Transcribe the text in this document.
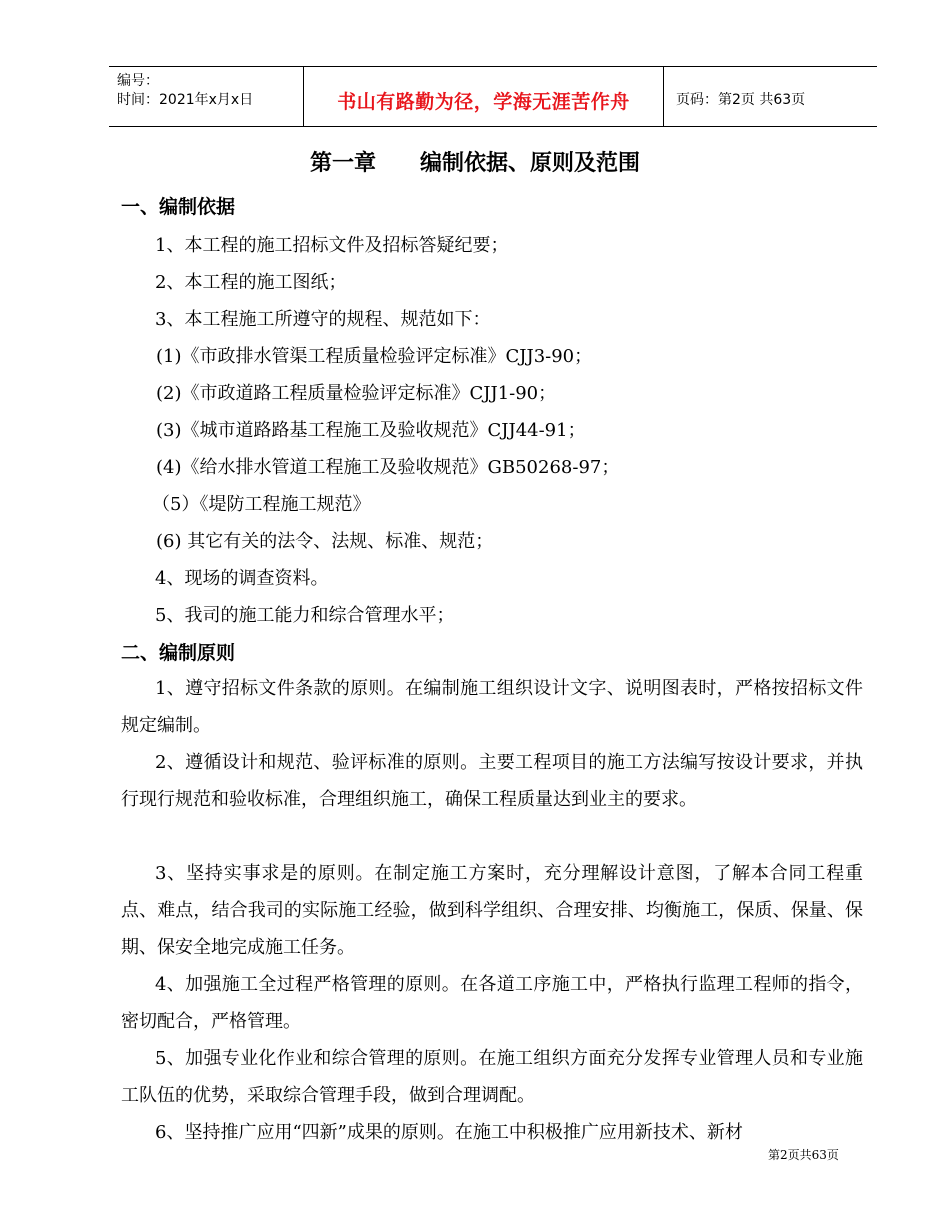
编号：
时间：2021年x月x日	书山有路勤为径，学海无涯苦作舟	页码：第2页 共63页
第一章　　编制依据、原则及范围
一、编制依据
1、本工程的施工招标文件及招标答疑纪要；
2、本工程的施工图纸；
3、本工程施工所遵守的规程、规范如下：
(1)《市政排水管渠工程质量检验评定标准》CJJ3-90；
(2)《市政道路工程质量检验评定标准》CJJ1-90；
(3)《城市道路路基工程施工及验收规范》CJJ44-91；
(4)《给水排水管道工程施工及验收规范》GB50268-97；
（5）《堤防工程施工规范》
(6) 其它有关的法令、法规、标准、规范；
4、现场的调查资料。
5、我司的施工能力和综合管理水平；
二、编制原则
1、遵守招标文件条款的原则。在编制施工组织设计文字、说明图表时，严格按招标文件规定编制。
2、遵循设计和规范、验评标准的原则。主要工程项目的施工方法编写按设计要求，并执行现行规范和验收标准，合理组织施工，确保工程质量达到业主的要求。
3、坚持实事求是的原则。在制定施工方案时，充分理解设计意图，了解本合同工程重点、难点，结合我司的实际施工经验，做到科学组织、合理安排、均衡施工，保质、保量、保期、保安全地完成施工任务。
4、加强施工全过程严格管理的原则。在各道工序施工中，严格执行监理工程师的指令，密切配合，严格管理。
5、加强专业化作业和综合管理的原则。在施工组织方面充分发挥专业管理人员和专业施工队伍的优势，采取综合管理手段，做到合理调配。
6、坚持推广应用“四新”成果的原则。在施工中积极推广应用新技术、新材
第2页共63页
